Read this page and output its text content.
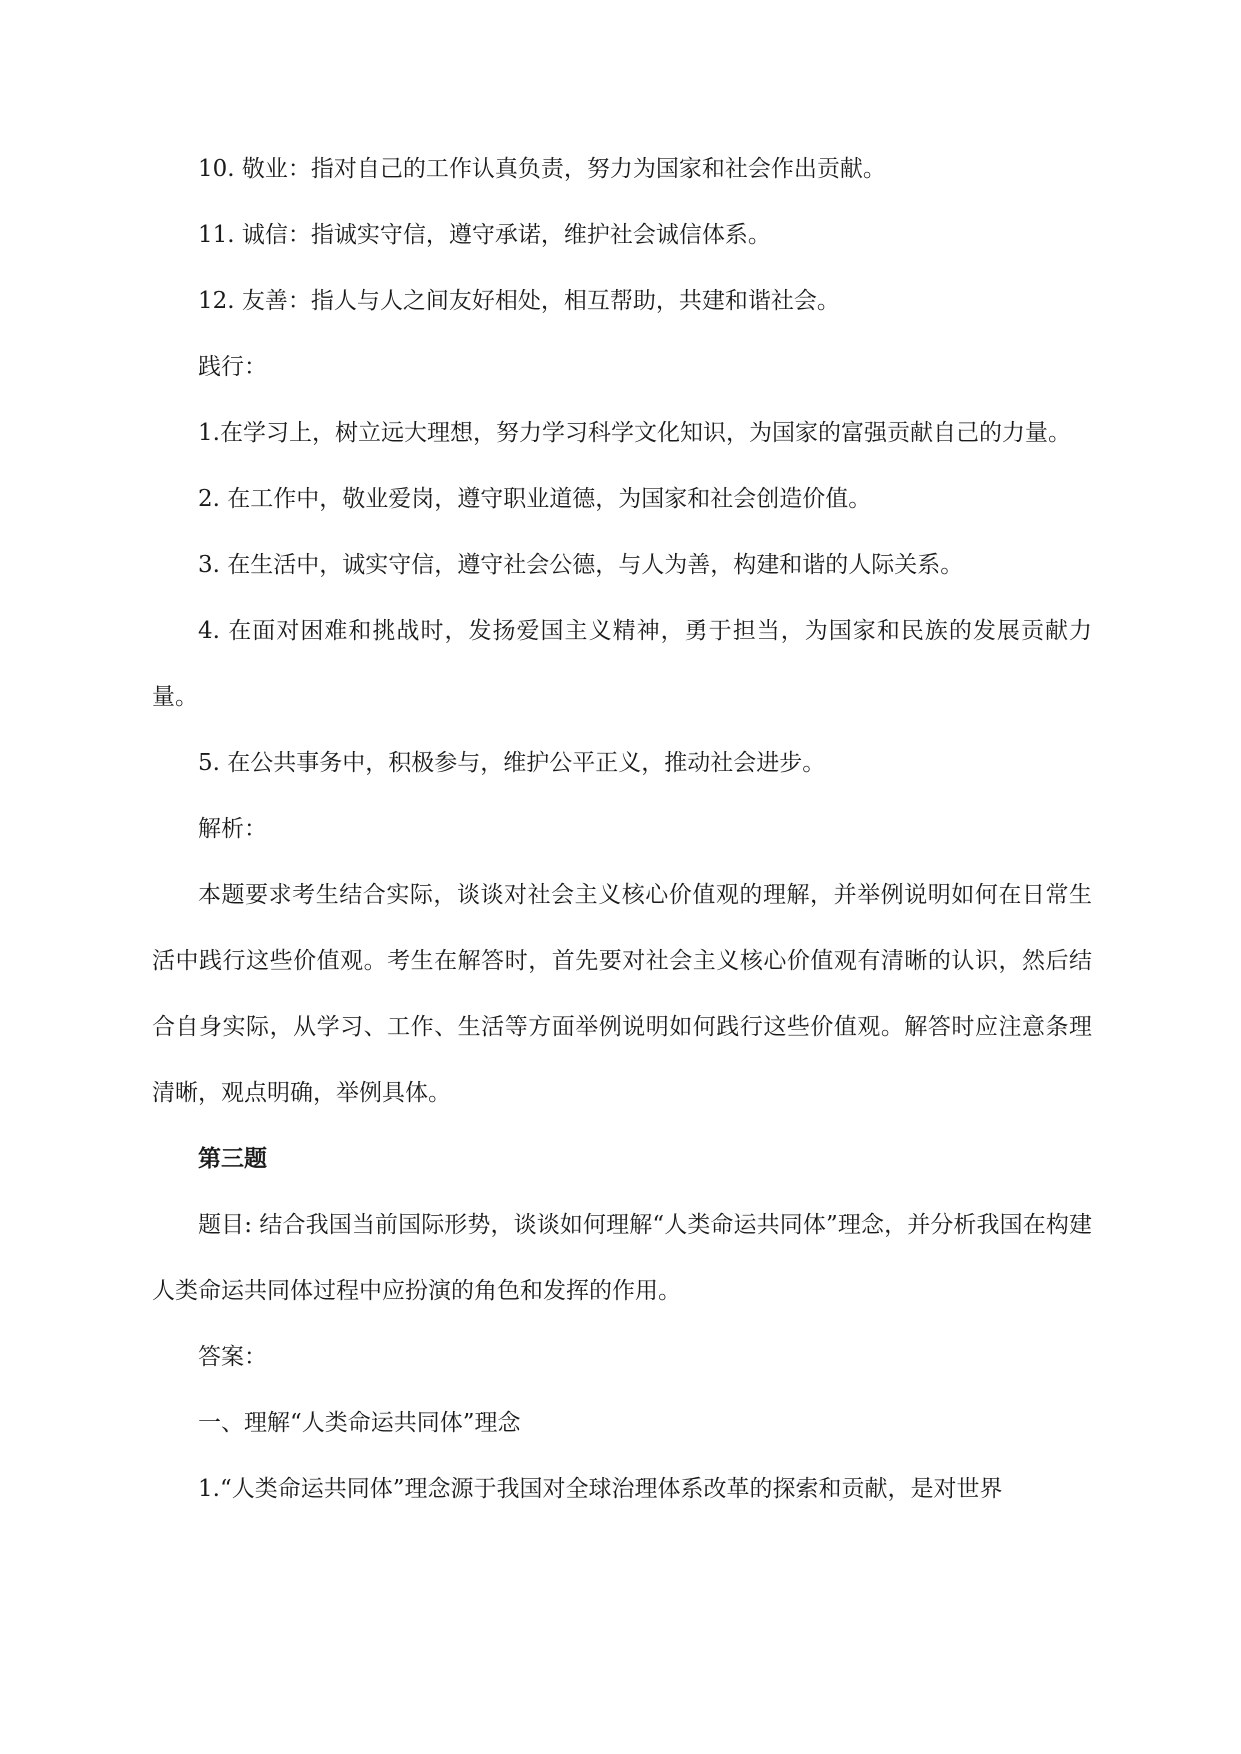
10. 敬业：指对自己的工作认真负责，努力为国家和社会作出贡献。

11. 诚信：指诚实守信，遵守承诺，维护社会诚信体系。

12. 友善：指人与人之间友好相处，相互帮助，共建和谐社会。

践行：

1.在学习上，树立远大理想，努力学习科学文化知识，为国家的富强贡献自己的力量。

2. 在工作中，敬业爱岗，遵守职业道德，为国家和社会创造价值。

3. 在生活中，诚实守信，遵守社会公德，与人为善，构建和谐的人际关系。

4. 在面对困难和挑战时，发扬爱国主义精神，勇于担当，为国家和民族的发展贡献力量。

5. 在公共事务中，积极参与，维护公平正义，推动社会进步。

解析：

本题要求考生结合实际，谈谈对社会主义核心价值观的理解，并举例说明如何在日常生活中践行这些价值观。考生在解答时，首先要对社会主义核心价值观有清晰的认识，然后结合自身实际，从学习、工作、生活等方面举例说明如何践行这些价值观。解答时应注意条理清晰，观点明确，举例具体。

第三题

题目: 结合我国当前国际形势，谈谈如何理解“人类命运共同体”理念，并分析我国在构建人类命运共同体过程中应扮演的角色和发挥的作用。

答案：

一、理解“人类命运共同体”理念

1.“人类命运共同体”理念源于我国对全球治理体系改革的探索和贡献，是对世界
